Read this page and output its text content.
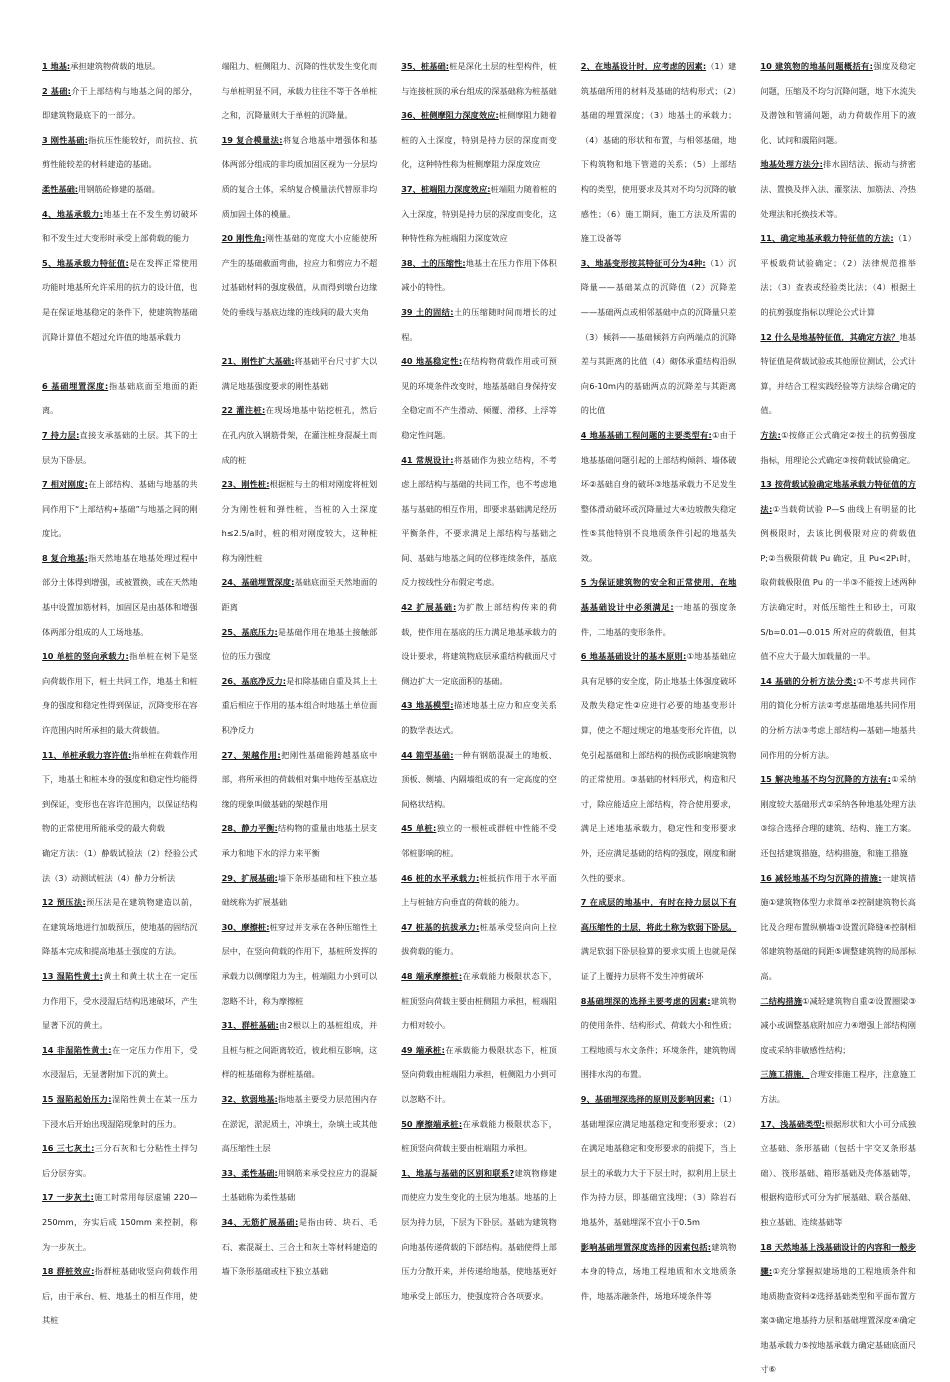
1 地基:承担建筑物荷载的地层。

2 基础:介于上部结构与地基之间的部分，即建筑物最底下的一部分。

3 刚性基础:指抗压性能较好，而抗拉、抗剪性能较差的材料建造的基础。

柔性基础:用钢筋砼修建的基础。

4、地基承载力:地基土在不发生剪切破坏和不发生过大变形时承受上部荷载的能力

5、地基承载力特征值:是在发挥正常使用功能时地基所允许采用的抗力的设计值，也是在保证地基稳定的条件下，使建筑物基础沉降计算值不超过允许值的地基承载力

6 基础埋置深度:指基础底面至地面的距离。

7 持力层:直接支承基础的土层。其下的土层为下卧层。

7 相对刚度:在上部结构、基础与地基的共同作用下“上部结构+基础”与地基之间的刚度比。

8 复合地基:指天然地基在地基处理过程中部分土体得到增强，或被置换，或在天然地基中设置加筋材料，加固区是由基体和增强体两部分组成的人工场地基。

10 单桩的竖向承载力:指单桩在树下是竖向荷载作用下，桩土共同工作，地基土和桩身的强度和稳定性得到保证，沉降变形在容许范围内时所承担的最大荷载值。

11、单桩承载力容许值:指单桩在荷载作用下，地基土和桩本身的强度和稳定性均能得到保证，变形也在容许范围内，以保证结构物的正常使用所能承受的最大荷载

确定方法：（1）静载试验法（2）经验公式法（3）动测试桩法（4）静力分析法

12 预压法:预压法是在建筑物建造以前，在建筑场地进行加载预压，使地基的固结沉降基本完成和提高地基土强度的方法。

13 湿陷性黄土:黄土和黄土状土在一定压力作用下，受水浸湿后结构迅速破坏，产生显著下沉的黄土。

14 非湿陷性黄土:在一定压力作用下，受水浸湿后，无显著附加下沉的黄土。

15 湿陷起始压力:湿陷性黄土在某一压力下浸水后开始出现湿陷现象时的压力。

16 三七灰土:三分石灰和七分粘性土拌匀后分层夯实。

17 一步灰土:施工时常用每层虚铺 220—250mm，夯实后成 150mm 来控制，称为一步灰土。

18 群桩效应:指群桩基础收竖向荷载作用后，由于承台、桩、地基土的相互作用，使其桩

端阻力、桩侧阻力、沉降的性状发生变化而与单桩明显不同，承载力往往不等于各单桩之和，沉降量则大于单桩的沉降量。

19 复合模量法:将复合地基中增强体和基体两部分组成的非均质加固区视为一分层均质的复合土体，采纳复合模量法代替原非均质加固土体的模量。

20 刚性角:刚性基础的宽度大小应能使所产生的基础截面弯曲，拉应力和剪应力不超过基础材料的强度极值，从而得到墩台边缘处的垂线与基底边缘的连线间的最大夹角

21、刚性扩大基础:将基础平台尺寸扩大以满足地基强度要求的刚性基础

22 灌注桩:在现场地基中钻挖桩孔，然后在孔内放入钢筋骨架，在灌注桩身混凝土而成的桩

23、刚性桩:根据桩与土的相对刚度将桩划分为刚性桩和弹性桩，当桩的入土深度h≤2.5/a时，桩的相对刚度较大，这种桩称为刚性桩

24、基础埋置深度:基础底面至天然地面的距离

25、基底压力:是基础作用在地基土接触部位的压力强度

26、基底净反力:是扣除基础自重及其上土重后相应于作用的基本组合时地基土单位面积净反力

27、架越作用:把刚性基础能跨越基底中部，将所承担的荷载相对集中地传至基底边缘的现象叫做基础的架越作用

28、静力平衡:结构物的重量由地基土层支承力和地下水的浮力来平衡

29、扩展基础:墙下条形基础和柱下独立基础统称为扩展基础

30、摩擦桩:桩穿过并支承在各种压缩性土层中，在竖向荷载的作用下，基桩所发挥的承载力以侧摩阻力为主，桩端阻力小到可以忽略不计，称为摩擦桩

31、群桩基础:由2根以上的基桩组成，并且桩与桩之间距离较近，彼此相互影响，这样的桩基础称为群桩基础。

32、软弱地基:指地基主要受力层范围内存在淤泥，淤泥质土，冲填土，杂填土或其他高压缩性土层

33、柔性基础:用钢筋来承受拉应力的混凝土基础称为柔性基础

34、无筋扩展基础:是指由砖、块石、毛石、素混凝土、三合土和灰土等材料建造的墙下条形基础或柱下独立基础

35、桩基础:桩是深化土层的柱型构件，桩与连接桩顶的承台组成的深基础称为桩基础

36、桩侧摩阻力深度效应:桩侧摩阻力随着桩的入土深度，特别是持力层的深度而变化，这种特性称为桩侧摩阻力深度效应

37、桩端阻力深度效应:桩端阻力随着桩的入土深度，特别是持力层的深度而变化，这种特性称为桩端阻力深度效应

38、土的压缩性:地基土在压力作用下体积减小的特性。

39 土的固结:土的压缩随时间而增长的过程。

40 地基稳定性:在结构物荷载作用或可预见的环境条件改变时，地基基础自身保持安全稳定而不产生滑动、倾覆、滑移、上浮等稳定性问题。

41 常规设计:将基础作为独立结构，不考虑上部结构与基础的共同工作，也不考虑地基与基础的相互作用，即要求基础满足经历平衡条件，不要求满足上部结构与基础之间、基础与地基之间的位移连续条件，基底反力按线性分布假定考虑。

42 扩展基础:为扩散上部结构传来的荷载，使作用在基底的压力满足地基承载力的设计要求，将建筑物底层承重结构截面尺寸侧边扩大一定底面积的基础。

43 地基模型:描述地基土应力和应变关系的数学表达式。

44 箱型基础:一种有钢筋混凝土的地板、顶板、侧墙、内隔墙组成的有一定高度的空间格状结构。

45 单桩:独立的一根桩或群桩中性能不受邻桩影响的桩。

46 桩的水平承载力:桩抵抗作用于水平面上与桩轴方向垂直的荷载的能力。

47 桩基的抗拔承力:桩基承受竖向向上拉拔荷载的能力。

48 端承摩擦桩:在承载能力极限状态下，桩顶竖向荷载主要由桩侧阻力承担，桩端阻力相对较小。

49 端承桩:在承载能力极限状态下，桩顶竖向荷载由桩端阻力承担，桩侧阻力小到可以忽略不计。

50 摩擦端承桩:在承载能力极限状态下，桩顶竖向荷载主要由桩端阻力承担。

1、地基与基础的区别和联系?建筑物修建而使应力发生变化的土层为地基。地基的上层为持力层，下层为下卧层。基础为建筑物向地基传递荷载的下部结构。基础使得上部压力分散开来，并传递给地基，使地基更好地承受上部压力，使强度符合各项要求。

2、在地基设计时，应考虑的因素:（1）建筑基础所用的材料及基础的结构形式；（2）基础的埋置深度；（3）地基土的承载力；（4）基础的形状和布置，与相邻基础，地下构筑物和地下管道的关系；（5）上部结构的类型，使用要求及其对不均匀沉降的敏感性；（6）施工期间，施工方法及所需的施工设备等

3、地基变形按其特征可分为4种:（1）沉降量——基础某点的沉降值（2）沉降差——基础两点或相邻基础中点的沉降量只差（3）倾斜——基础倾斜方向两端点的沉降差与其距离的比值（4）砌体承重结构沿纵向6-10m内的基础两点的沉降差与其距离的比值

4 地基基础工程问题的主要类型有:①由于地基基础问题引起的上部结构倾斜、墙体破坏②基础自身的破坏③地基承载力不足发生整体滑动破坏或沉降量过大④边坡散失稳定性⑤其他特别不良地质条件引起的地基失效。

5 为保证建筑物的安全和正常使用，在地基基础设计中必须满足:一地基的强度条件，二地基的变形条件。

6 地基基础设计的基本原则:①地基基础应具有足够的安全度，防止地基土体强度破坏及散失稳定性②应进行必要的地基变形计算，使之不超过规定的地基变形允许值，以免引起基础和上部结构的损伤或影响建筑物的正常使用。③基础的材料形式，构造和尺寸，除应能适应上部结构，符合使用要求，满足上述地基承载力，稳定性和变形要求外，还应满足基础的结构的强度，刚度和耐久性的要求。

7 在成层的地基中，有时在持力层以下有高压缩性的土层，将此土称为软弱下卧层。满足软弱下卧层验算的要求实质上也就是保证了上覆持力层将不发生冲剪破坏

8基础埋深的选择主要考虑的因素:建筑物的使用条件、结构形式、荷载大小和性质；工程地质与水文条件；环境条件，建筑物周围排水沟的布置。

9、基础埋深选择的原则及影响因素:（1）基础埋深应满足地基稳定和变形要求；（2）在满足地基稳定和变形要求的前提下，当上层土的承载力大于下层土时，拟利用上层土作为持力层，即基础宜浅埋；（3）除岩石地基外，基础埋深不宜小于0.5m

影响基础埋置深度选择的因素包括:建筑物本身的特点，场地工程地质和水文地质条件，地基冻融条件，场地环境条件等

10 建筑物的地基问题概括有:强度及稳定问题，压缩及不均匀沉降问题，地下水流失及潜蚀和管涌问题，动力荷载作用下的液化、试问和震陷问题。

地基处理方法分:排水固结法、振动与挤密法、置换及拌入法、灌浆法、加筋法、冷热处理法和托换技术等。

11、确定地基承载力特征值的方法:（1）平板载荷试验确定；（2）法律规范推举法；（3）查表或经验类比法；（4）根据土的抗剪强度指标以理论公式计算

12 什么是地基特征值，其确定方法？地基特征值是荷载试验或其他原位测试，公式计算，并结合工程实践经验等方法综合确定的值。

方法:①按修正公式确定②按土的抗剪强度指标，用理论公式确定③按荷载试验确定。

13 按荷载试验确定地基承载力特征值的方法:①当载荷试验 P—S 曲线上有明显的比例极限时，去该比例极限对应的荷载值 P;②当极限荷载 Pu 确定，且 Pu<2P₁时，取荷载极限值 Pu 的一半③不能按上述两种方法确定时，对低压缩性土和砂土，可取 S/b=0.01—0.015 所对应的荷载值，但其值不应大于最大加载量的一半。

14 基础的分析方法分类:①不考虑共同作用的简化分析方法②考虑基础地基共同作用的分析方法③考虑上部结构—基础—地基共同作用的分析方法。

15 解决地基不均匀沉降的方法有:①采纳刚度较大基础形式②采纳各种地基处理方法③综合选择合理的建筑、结构、施工方案。还包括建筑措施，结构措施，和施工措施

16 减轻地基不均匀沉降的措施:一建筑措施①建筑物体型力求简单②控制建筑物长高比及合理布置纵横墙③设置沉降缝④控制相邻建筑物基础的间距⑤调整建筑物的局部标高。

二结构措施①减轻建筑物自重②设置圈梁③减小或调整基底附加应力④增强上部结构刚度或采纳非敏感性结构；

三施工措施，合理安排施工程序，注意施工方法。

17、浅基础类型:根据形状和大小可分成独立基础、条形基础（包括十字交叉条形基础）、筏形基础、箱形基础及壳体基础等，根据构造形式可分为扩展基础、联合基础、独立基础、连续基础等

18 天然地基上浅基础设计的内容和一般步骤:①充分掌握拟建场地的工程地质条件和地质勘查资料②选择基础类型和平面布置方案③确定地基持力层和基础埋置深度④确定地基承载力⑤按地基承载力确定基础底面尺寸⑥
